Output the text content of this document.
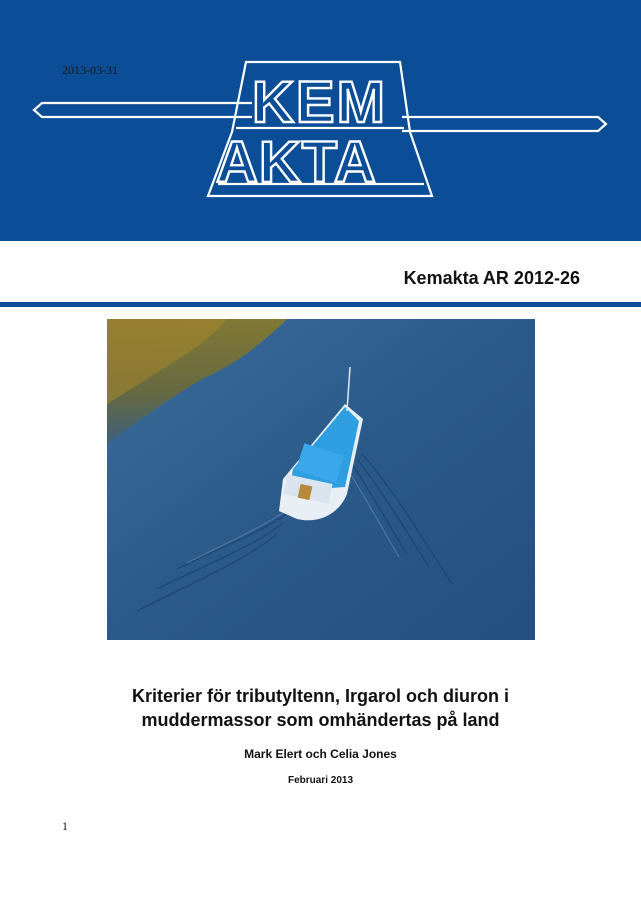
2013-03-31 KEM
AKTA
Kemakta AR 2012-26
Kriterier för tributyltenn, Irgarol och diuron i
muddermassor som omhändertas på land
Mark Elert och Celia Jones
Februari 2013
1
